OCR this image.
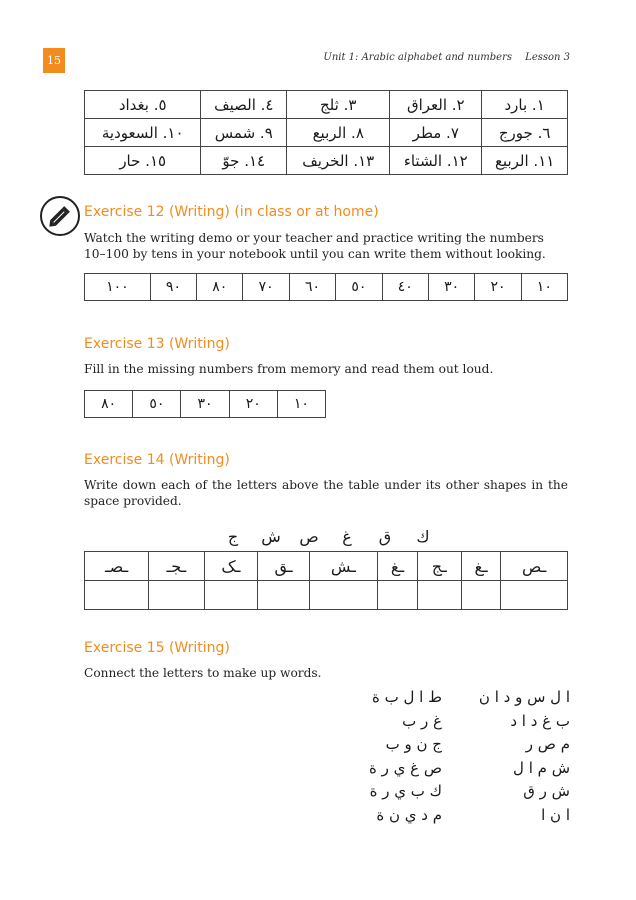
15	Unit 1: Arabic alphabet and numbers Lesson 3
١. بارد	٢. العراق	٣. ثلج	٤. الصيف	٥. بغداد
٦. جورج	٧. مطر	٨. الربيع	٩. شمس	١٠. السعودية
١١. الربيع	١٢. الشتاء	١٣. الخريف	١٤. جوّ	١٥. حار
Exercise 12 (Writing) (in class or at home)
Watch the writing demo or your teacher and practice writing the numbers 10–100 by tens in your notebook until you can write them without looking.
١٠	٢٠	٣٠	٤٠	٥٠	٦٠	٧٠	٨٠	٩٠	١٠٠
Exercise 13 (Writing)
Fill in the missing numbers from memory and read them out loud.
١٠	٢٠	٣٠	٥٠	٨٠
Exercise 14 (Writing)
Write down each of the letters above the table under its other shapes in the space provided.
ك
ق
غ
ص
ش
ج
ـص	ـغ	ـج	ـغ	ـش	ـق	ـک	ـجـ	ـصـ

Exercise 15 (Writing)
Connect the letters to make up words.
ا ل س و د ا ن
ب غ د ا د
م ص ر
ش م ا ل
ش ر ق
ا ن ا
ط ا ل ب ة
غ ر ب
ج ن و ب
ص غ ي ر ة
ك ب ي ر ة
م د ي ن ة
